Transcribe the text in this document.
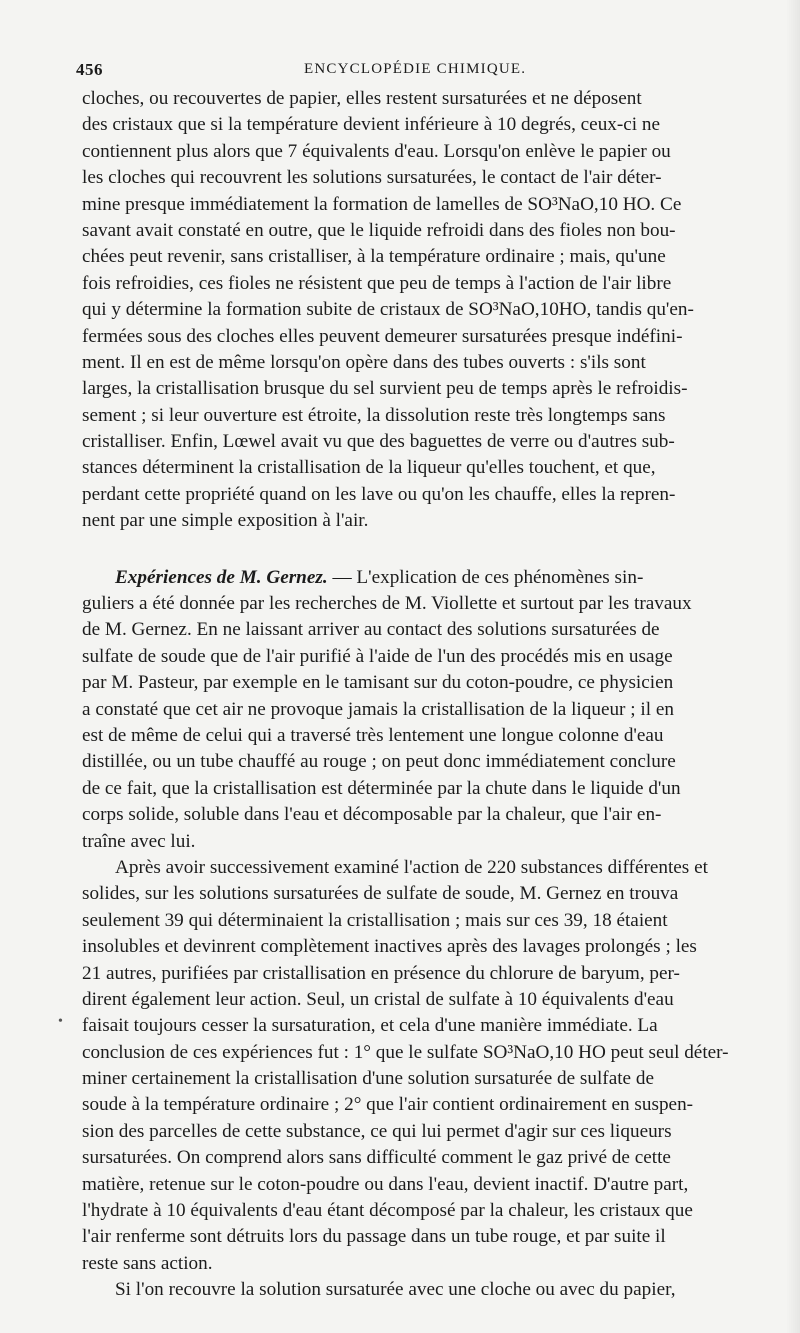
456	ENCYCLOPÉDIE CHIMIQUE.
•
cloches, ou recouvertes de papier, elles restent sursaturées et ne déposent
des cristaux que si la température devient inférieure à 10 degrés, ceux-ci ne
contiennent plus alors que 7 équivalents d'eau. Lorsqu'on enlève le papier ou
les cloches qui recouvrent les solutions sursaturées, le contact de l'air déter-
mine presque immédiatement la formation de lamelles de SO³NaO,10 HO. Ce
savant avait constaté en outre, que le liquide refroidi dans des fioles non bou-
chées peut revenir, sans cristalliser, à la température ordinaire ; mais, qu'une
fois refroidies, ces fioles ne résistent que peu de temps à l'action de l'air libre
qui y détermine la formation subite de cristaux de SO³NaO,10HO, tandis qu'en-
fermées sous des cloches elles peuvent demeurer sursaturées presque indéfini-
ment. Il en est de même lorsqu'on opère dans des tubes ouverts : s'ils sont
larges, la cristallisation brusque du sel survient peu de temps après le refroidis-
sement ; si leur ouverture est étroite, la dissolution reste très longtemps sans
cristalliser. Enfin, Lœwel avait vu que des baguettes de verre ou d'autres sub-
stances déterminent la cristallisation de la liqueur qu'elles touchent, et que,
perdant cette propriété quand on les lave ou qu'on les chauffe, elles la repren-
nent par une simple exposition à l'air.
Expériences de M. Gernez. — L'explication de ces phénomènes sin-
guliers a été donnée par les recherches de M. Viollette et surtout par les travaux
de M. Gernez. En ne laissant arriver au contact des solutions sursaturées de
sulfate de soude que de l'air purifié à l'aide de l'un des procédés mis en usage
par M. Pasteur, par exemple en le tamisant sur du coton-poudre, ce physicien
a constaté que cet air ne provoque jamais la cristallisation de la liqueur ; il en
est de même de celui qui a traversé très lentement une longue colonne d'eau
distillée, ou un tube chauffé au rouge ; on peut donc immédiatement conclure
de ce fait, que la cristallisation est déterminée par la chute dans le liquide d'un
corps solide, soluble dans l'eau et décomposable par la chaleur, que l'air en-
traîne avec lui.
Après avoir successivement examiné l'action de 220 substances différentes et
solides, sur les solutions sursaturées de sulfate de soude, M. Gernez en trouva
seulement 39 qui déterminaient la cristallisation ; mais sur ces 39, 18 étaient
insolubles et devinrent complètement inactives après des lavages prolongés ; les
21 autres, purifiées par cristallisation en présence du chlorure de baryum, per-
dirent également leur action. Seul, un cristal de sulfate à 10 équivalents d'eau
faisait toujours cesser la sursaturation, et cela d'une manière immédiate. La
conclusion de ces expériences fut : 1° que le sulfate SO³NaO,10 HO peut seul déter-
miner certainement la cristallisation d'une solution sursaturée de sulfate de
soude à la température ordinaire ; 2° que l'air contient ordinairement en suspen-
sion des parcelles de cette substance, ce qui lui permet d'agir sur ces liqueurs
sursaturées. On comprend alors sans difficulté comment le gaz privé de cette
matière, retenue sur le coton-poudre ou dans l'eau, devient inactif. D'autre part,
l'hydrate à 10 équivalents d'eau étant décomposé par la chaleur, les cristaux que
l'air renferme sont détruits lors du passage dans un tube rouge, et par suite il
reste sans action.
Si l'on recouvre la solution sursaturée avec une cloche ou avec du papier,
